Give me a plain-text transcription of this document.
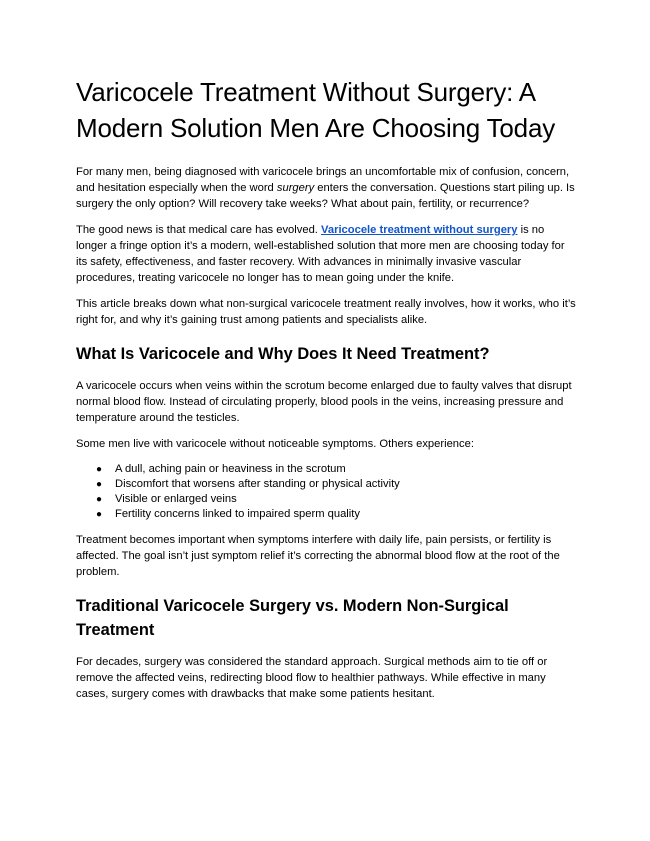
Varicocele Treatment Without Surgery: A Modern Solution Men Are Choosing Today

For many men, being diagnosed with varicocele brings an uncomfortable mix of confusion, concern, and hesitation especially when the word surgery enters the conversation. Questions start piling up. Is surgery the only option? Will recovery take weeks? What about pain, fertility, or recurrence?

The good news is that medical care has evolved. Varicocele treatment without surgery is no longer a fringe option it’s a modern, well-established solution that more men are choosing today for its safety, effectiveness, and faster recovery. With advances in minimally invasive vascular procedures, treating varicocele no longer has to mean going under the knife.

This article breaks down what non-surgical varicocele treatment really involves, how it works, who it’s right for, and why it’s gaining trust among patients and specialists alike.

What Is Varicocele and Why Does It Need Treatment?

A varicocele occurs when veins within the scrotum become enlarged due to faulty valves that disrupt normal blood flow. Instead of circulating properly, blood pools in the veins, increasing pressure and temperature around the testicles.

Some men live with varicocele without noticeable symptoms. Others experience:

● A dull, aching pain or heaviness in the scrotum
● Discomfort that worsens after standing or physical activity
● Visible or enlarged veins
● Fertility concerns linked to impaired sperm quality

Treatment becomes important when symptoms interfere with daily life, pain persists, or fertility is affected. The goal isn’t just symptom relief it’s correcting the abnormal blood flow at the root of the problem.

Traditional Varicocele Surgery vs. Modern Non-Surgical Treatment

For decades, surgery was considered the standard approach. Surgical methods aim to tie off or remove the affected veins, redirecting blood flow to healthier pathways. While effective in many cases, surgery comes with drawbacks that make some patients hesitant.
